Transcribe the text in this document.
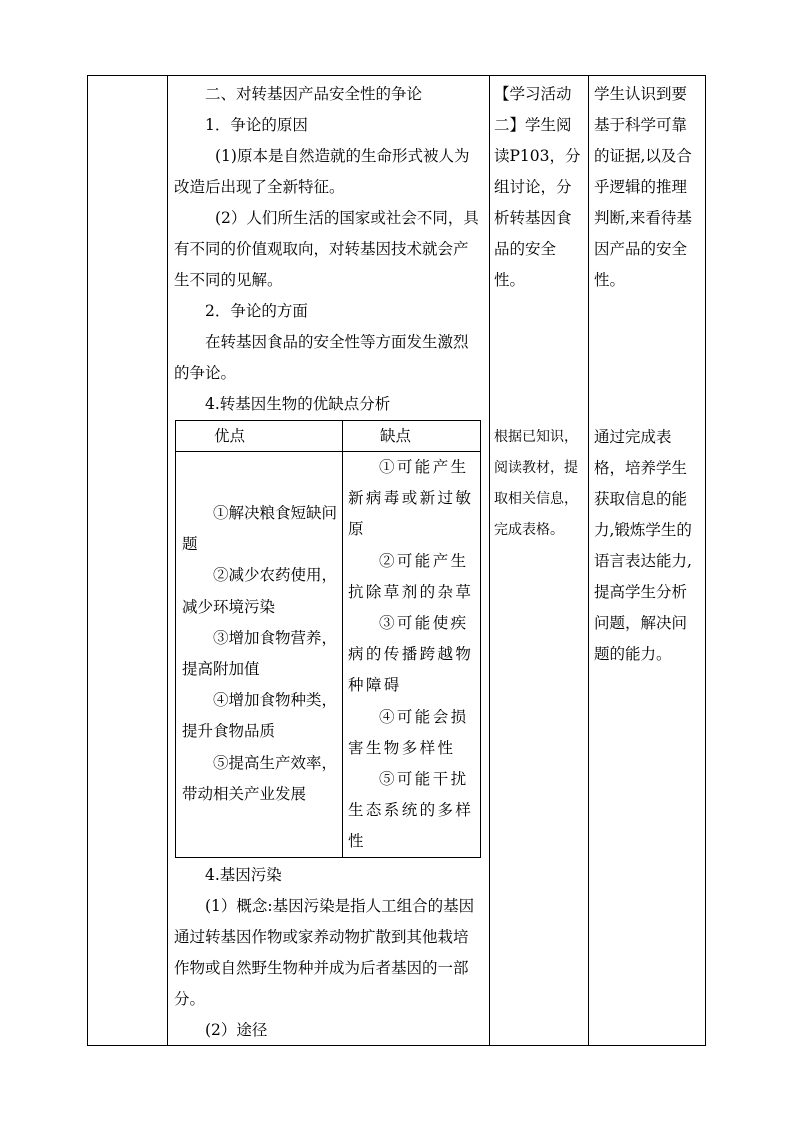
二、对转基因产品安全性的争论

1．争论的原因

(1)原本是自然造就的生命形式被人为改造后出现了全新特征。

(2）人们所生活的国家或社会不同，具有不同的价值观取向，对转基因技术就会产生不同的见解。

2．争论的方面

在转基因食品的安全性等方面发生激烈的争论。

4.转基因生物的优缺点分析

4.基因污染

(1）概念:基因污染是指人工组合的基因通过转基因作物或家养动物扩散到其他栽培作物或自然野生物种并成为后者基因的一部分。

(2）途径

【学习活动二】学生阅读P103，分组讨论，分析转基因食品的安全性。

根据已知识，阅读教材，提取相关信息，完成表格。

学生认识到要基于科学可靠的证据,以及合乎逻辑的推理判断,来看待基因产品的安全性。

通过完成表格，培养学生获取信息的能力,锻炼学生的语言表达能力,提高学生分析问题，解决问题的能力。

优点	缺点

①解决粮食短缺问题

②减少农药使用，减少环境污染

③增加食物营养，提高附加值

④增加食物种类，提升食物品质

⑤提高生产效率，带动相关产业发展

①可能产生新病毒或新过敏原

②可能产生抗除草剂的杂草

③可能使疾病的传播跨越物种障碍

④可能会损害生物多样性

⑤可能干扰生态系统的多样性
